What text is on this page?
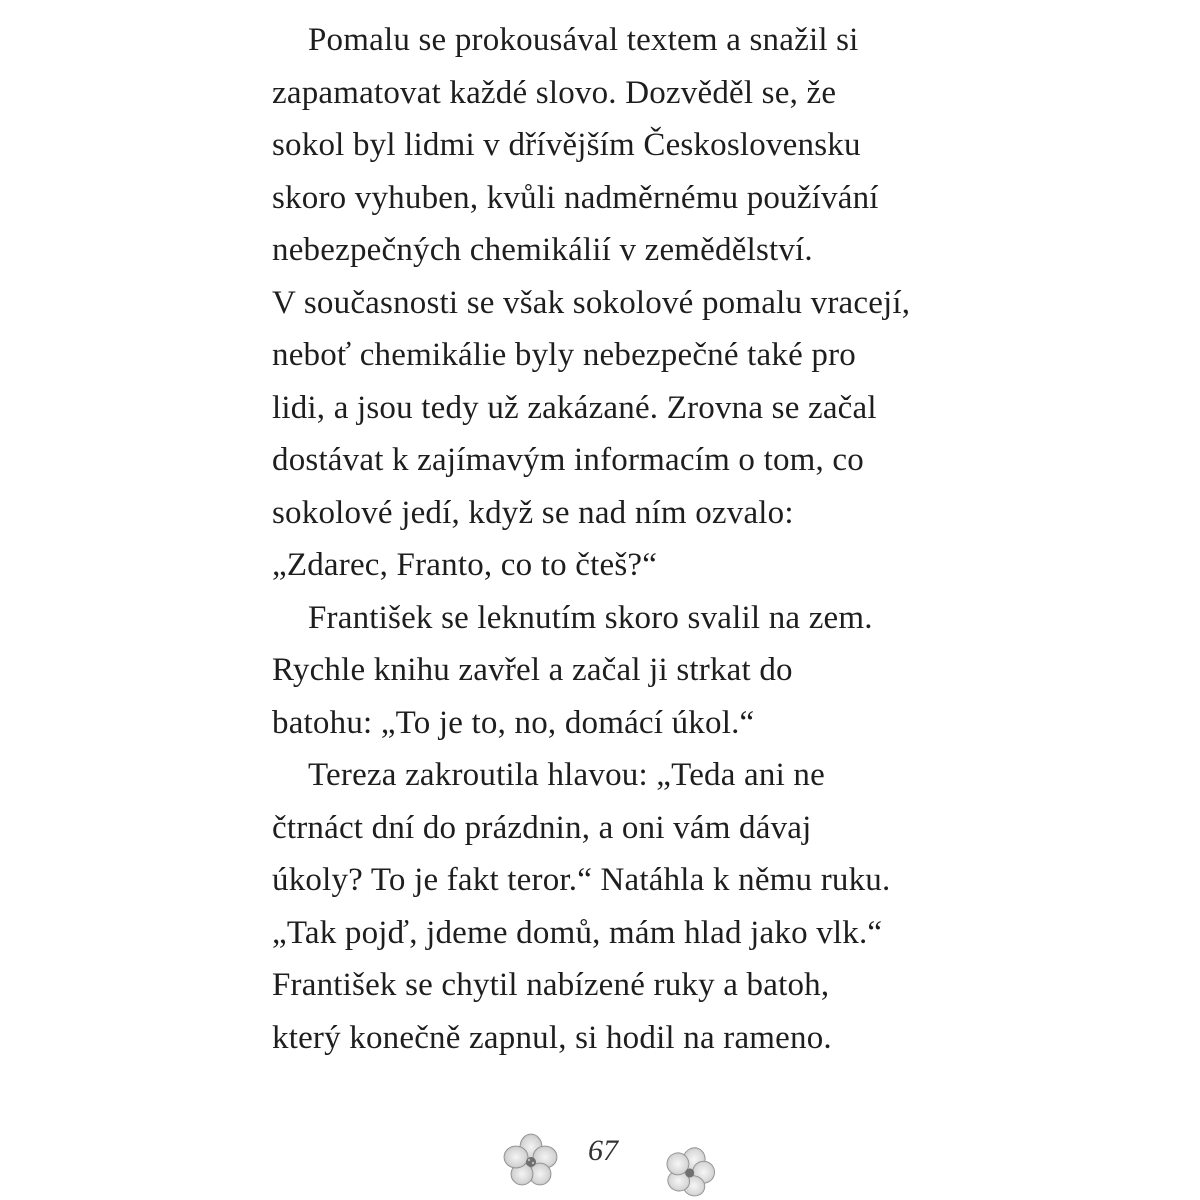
Pomalu se prokousával textem a snažil si
zapamatovat každé slovo. Dozvěděl se, že
sokol byl lidmi v dřívějším Československu
skoro vyhuben, kvůli nadměrnému používání
nebezpečných chemikálií v zemědělství.
V současnosti se však sokolové pomalu vracejí,
neboť chemikálie byly nebezpečné také pro
lidi, a jsou tedy už zakázané. Zrovna se začal
dostávat k zajímavým informacím o tom, co
sokolové jedí, když se nad ním ozvalo:
„Zdarec, Franto, co to čteš?“
František se leknutím skoro svalil na zem.
Rychle knihu zavřel a začal ji strkat do
batohu: „To je to, no, domácí úkol.“
Tereza zakroutila hlavou: „Teda ani ne
čtrnáct dní do prázdnin, a oni vám dávaj
úkoly? To je fakt teror.“ Natáhla k němu ruku.
„Tak pojď, jdeme domů, mám hlad jako vlk.“
František se chytil nabízené ruky a batoh,
který konečně zapnul, si hodil na rameno.
67
